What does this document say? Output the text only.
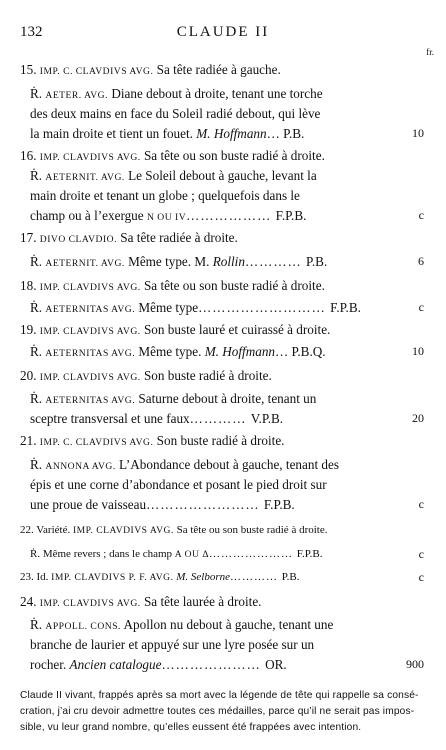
132	CLAUDE II
fr.
15. IMP. C. CLAVDIVS AVG. Sa tête radiée à gauche.
Ṙ. AETER. AVG. Diane debout à droite, tenant une torche
des deux mains en face du Soleil radié debout, qui lève
la main droite et tient un fouet. M. Hoffmann… P.B.	10
16. IMP. CLAVDIVS AVG. Sa tête ou son buste radié à droite.
Ṙ. AETERNIT. AVG. Le Soleil debout à gauche, levant la
main droite et tenant un globe ; quelquefois dans le
champ ou à l’exergue N OU IV……………… F.P.B.	c
17. DIVO CLAVDIO. Sa tête radiée à droite.
Ṙ. AETERNIT. AVG. Même type. M. Rollin………… P.B.	6
18. IMP. CLAVDIVS AVG. Sa tête ou son buste radié à droite.
Ṙ. AETERNITAS AVG. Même type……………………… F.P.B.	c
19. IMP. CLAVDIVS AVG. Son buste lauré et cuirassé à droite.
Ṙ. AETERNITAS AVG. Même type. M. Hoffmann… P.B.Q.	10
20. IMP. CLAVDIVS AVG. Son buste radié à droite.
Ṙ. AETERNITAS AVG. Saturne debout à droite, tenant un
sceptre transversal et une faux………… V.P.B.	20
21. IMP. C. CLAVDIVS AVG. Son buste radié à droite.
Ṙ. ANNONA AVG. L’Abondance debout à gauche, tenant des
épis et une corne d’abondance et posant le pied droit sur
une proue de vaisseau…………………… F.P.B.	c
22. Variété. IMP. CLAVDIVS AVG. Sa tête ou son buste radié à droite.
Ṙ. Même revers ; dans le champ A OU Δ………………… F.P.B.	c
23. Id. IMP. CLAVDIVS P. F. AVG. M. Selborne………… P.B.	c
24. IMP. CLAVDIVS AVG. Sa tête laurée à droite.
Ṙ. APPOLL. CONS. Apollon nu debout à gauche, tenant une
branche de laurier et appuyé sur une lyre posée sur un
rocher. Ancien catalogue………………… OR.	900
Claude II vivant, frappés après sa mort avec la légende de tête qui rappelle sa consé-
cration, j’ai cru devoir admettre toutes ces médailles, parce qu’il ne serait pas impos-
sible, vu leur grand nombre, qu’elles eussent été frappées avec intention.
